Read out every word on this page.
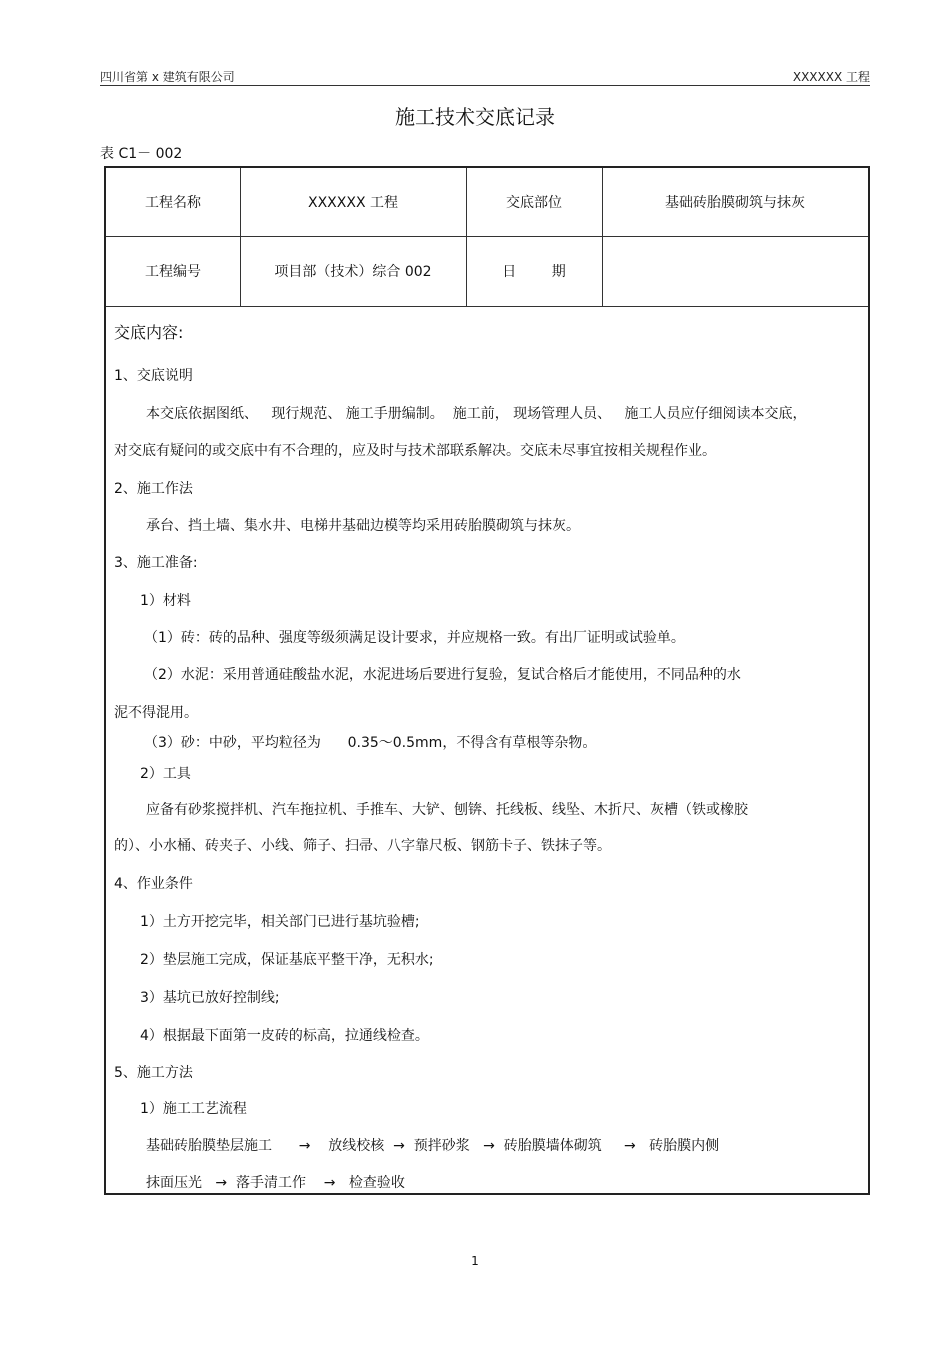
四川省第 x 建筑有限公司	XXXXXX 工程
施工技术交底记录
表 C1－ 002
工程名称	XXXXXX 工程	交底部位	基础砖胎膜砌筑与抹灰
工程编号	项目部（技术）综合 002	日        期
交底内容:
1、交底说明
本交底依据图纸、   现行规范、 施工手册编制。  施工前， 现场管理人员、   施工人员应仔细阅读本交底，
对交底有疑问的或交底中有不合理的，应及时与技术部联系解决。交底未尽事宜按相关规程作业。
2、施工作法
承台、挡土墙、集水井、电梯井基础边模等均采用砖胎膜砌筑与抹灰。
3、施工准备:
1）材料
（1）砖：砖的品种、强度等级须满足设计要求，并应规格一致。有出厂证明或试验单。
（2）水泥：采用普通硅酸盐水泥，水泥进场后要进行复验，复试合格后才能使用，不同品种的水
泥不得混用。
（3）砂：中砂，平均粒径为      0.35～0.5mm，不得含有草根等杂物。
2）工具
应备有砂浆搅拌机、汽车拖拉机、手推车、大铲、刨锛、托线板、线坠、木折尺、灰槽（铁或橡胶
的）、小水桶、砖夹子、小线、筛子、扫帚、八字靠尺板、钢筋卡子、铁抹子等。
4、作业条件
1）土方开挖完毕，相关部门已进行基坑验槽;
2）垫层施工完成，保证基底平整干净，无积水;
3）基坑已放好控制线;
4）根据最下面第一皮砖的标高，拉通线检查。
5、施工方法
1）施工工艺流程
基础砖胎膜垫层施工      →    放线校核  →  预拌砂浆   →  砖胎膜墙体砌筑     →   砖胎膜内侧
抹面压光   →  落手清工作    →   检查验收
1
